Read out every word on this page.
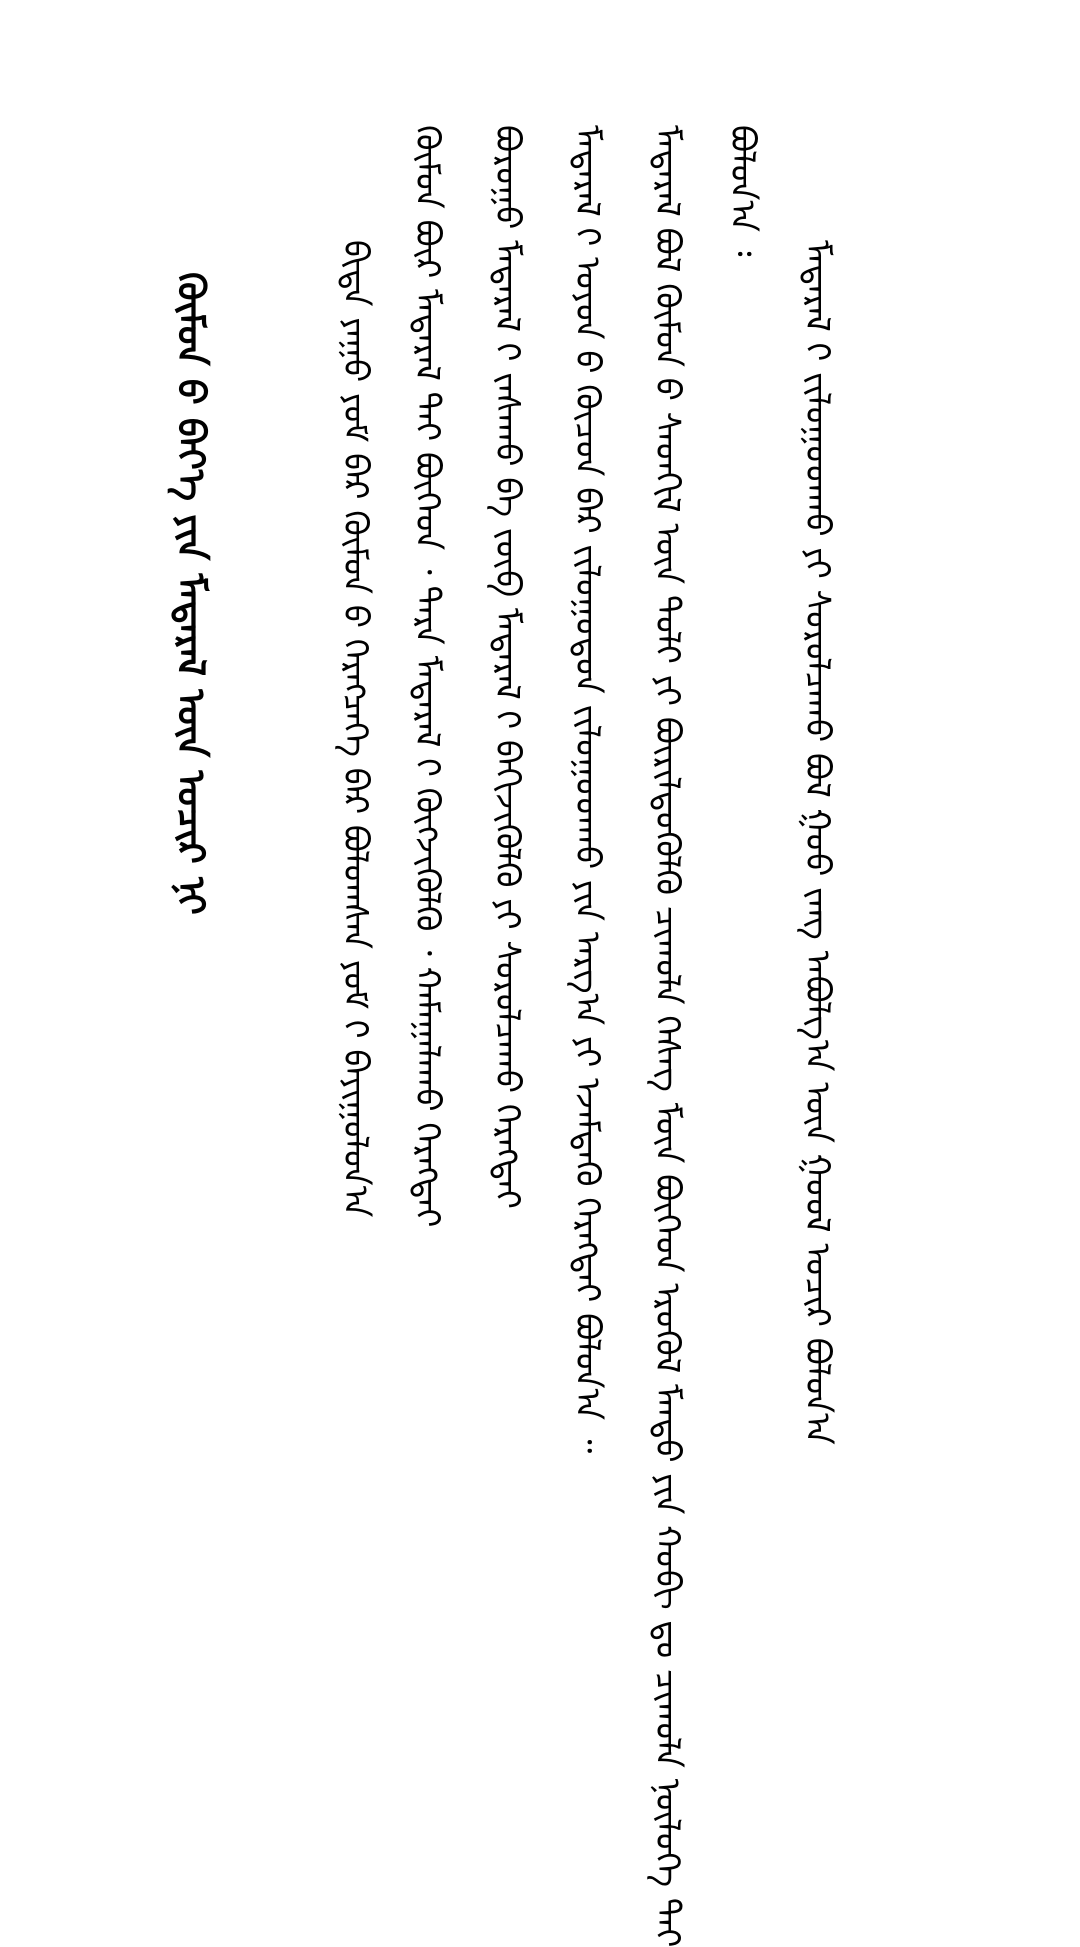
ᠬᠦᠮᠦᠨ ᠦ᠌ ᠪᠡᠶ᠎ᠡ ᠶᠢᠨ ᠮᠡᠳᠡᠷᠡᠯ ᠦᠨ ᠤᠴᠢᠷ ᠨᠢ	ᠪᠢᠳᠡ ᠶᠠᠭᠤ ᠶᠤᠮ ᠪᠠᠷ ᠬᠦᠮᠦᠨ ᠦ᠌ ᠬᠡᠷᠡᠭᠴᠡᠭᠡ ᠪᠡᠷ ᠪᠣᠯᠤᠭᠰᠠᠨ ᠶᠤᠮ ᠢ᠋ ᠪᠠᠶᠢᠭᠤᠯᠤᠨ᠎ᠠ ᠬᠦᠮᠦᠨ ᠪᠦᠷ ᠮᠡᠳᠡᠷᠡᠯ ᠲᠡᠢ ᠪᠥᠭᠡᠳ ᠂ ᠲᠡᠷᠡ ᠮᠡᠳᠡᠷᠡᠯ ᠢ᠋ ᠬᠥᠭᠵᠢᠭᠦᠯᠬᠦ ᠂ ᠬᠠᠮᠠᠭᠠᠯᠠᠬᠤ ᠬᠡᠷᠡᠭᠲᠡᠢ ᠪᠤᠷᠤᠭᠤ ᠮᠡᠳᠡᠷᠡᠯ ᠢ᠋ ᠵᠠᠰᠠᠬᠤ ᠪᠠ ᠵᠥᠪ ᠮᠡᠳᠡᠷᠡᠯ ᠢ᠋ ᠪᠡᠬᠢᠵᠢᠭᠦᠯᠬᠦ ᠶᠢ ᠰᠤᠷᠤᠯᠴᠠᠬᠤ ᠬᠡᠷᠡᠭᠲᠡᠢ ᠮᠡᠳᠡᠷᠡᠯ ᠢ᠋ ᠣᠶᠤᠨ ᠤ᠋ ᠬᠦᠴᠦᠨ ᠪᠡᠷ ᠵᠢᠯᠣᠭᠣᠳᠣᠨ ᠵᠢᠯᠣᠭᠣᠳᠬᠤ ᠶᠢᠨ ᠠᠷᠭ᠎ᠠ ᠶᠢ ᠡᠵᠡᠮᠳᠡᠬᠦ ᠬᠡᠷᠡᠭᠲᠡᠢ ᠪᠣᠯᠤᠨ᠎ᠠ ᠃ ᠮᠡᠳᠡᠷᠡᠯ ᠪᠣᠯ ᠬᠦᠮᠦᠨ ᠦ᠌ ᠰᠡᠳᠬᠢᠯ ᠦᠨ ᠲᠤᠯᠢ ᠶᠢ ᠪᠦᠷᠢᠯᠳᠦᠭᠦᠯᠬᠦ ᠴᠢᠬᠤᠯᠠ ᠬᠡᠰᠡᠭ ᠮᠥᠨ ᠪᠥᠭᠡᠳ ᠡᠷᠦᠭᠦᠯ ᠮᠡᠨᠳᠦ ᠶᠢᠨ ᠬᠤᠪᠢ ᠳᠤ ᠴᠢᠬᠤᠯᠠ ᠨᠥᠯᠦᠭᠡ ᠲᠡᠢ ᠪᠣᠯᠤᠨ᠎ᠠ ᠄
ᠮᠡᠳᠡᠷᠡᠯ ᠢ᠋ ᠵᠢᠯᠣᠭᠣᠳᠬᠤ ᠶᠢ ᠰᠤᠷᠤᠯᠴᠠᠬᠤ ᠪᠣᠯ ᠭᠤᠤ ᠵᠠᠩ ᠠᠪᠤᠯᠭ᠎ᠠ ᠦᠨ ᠭᠣᠣᠯ ᠤᠴᠢᠷ ᠪᠣᠯᠤᠨ᠎ᠠ
